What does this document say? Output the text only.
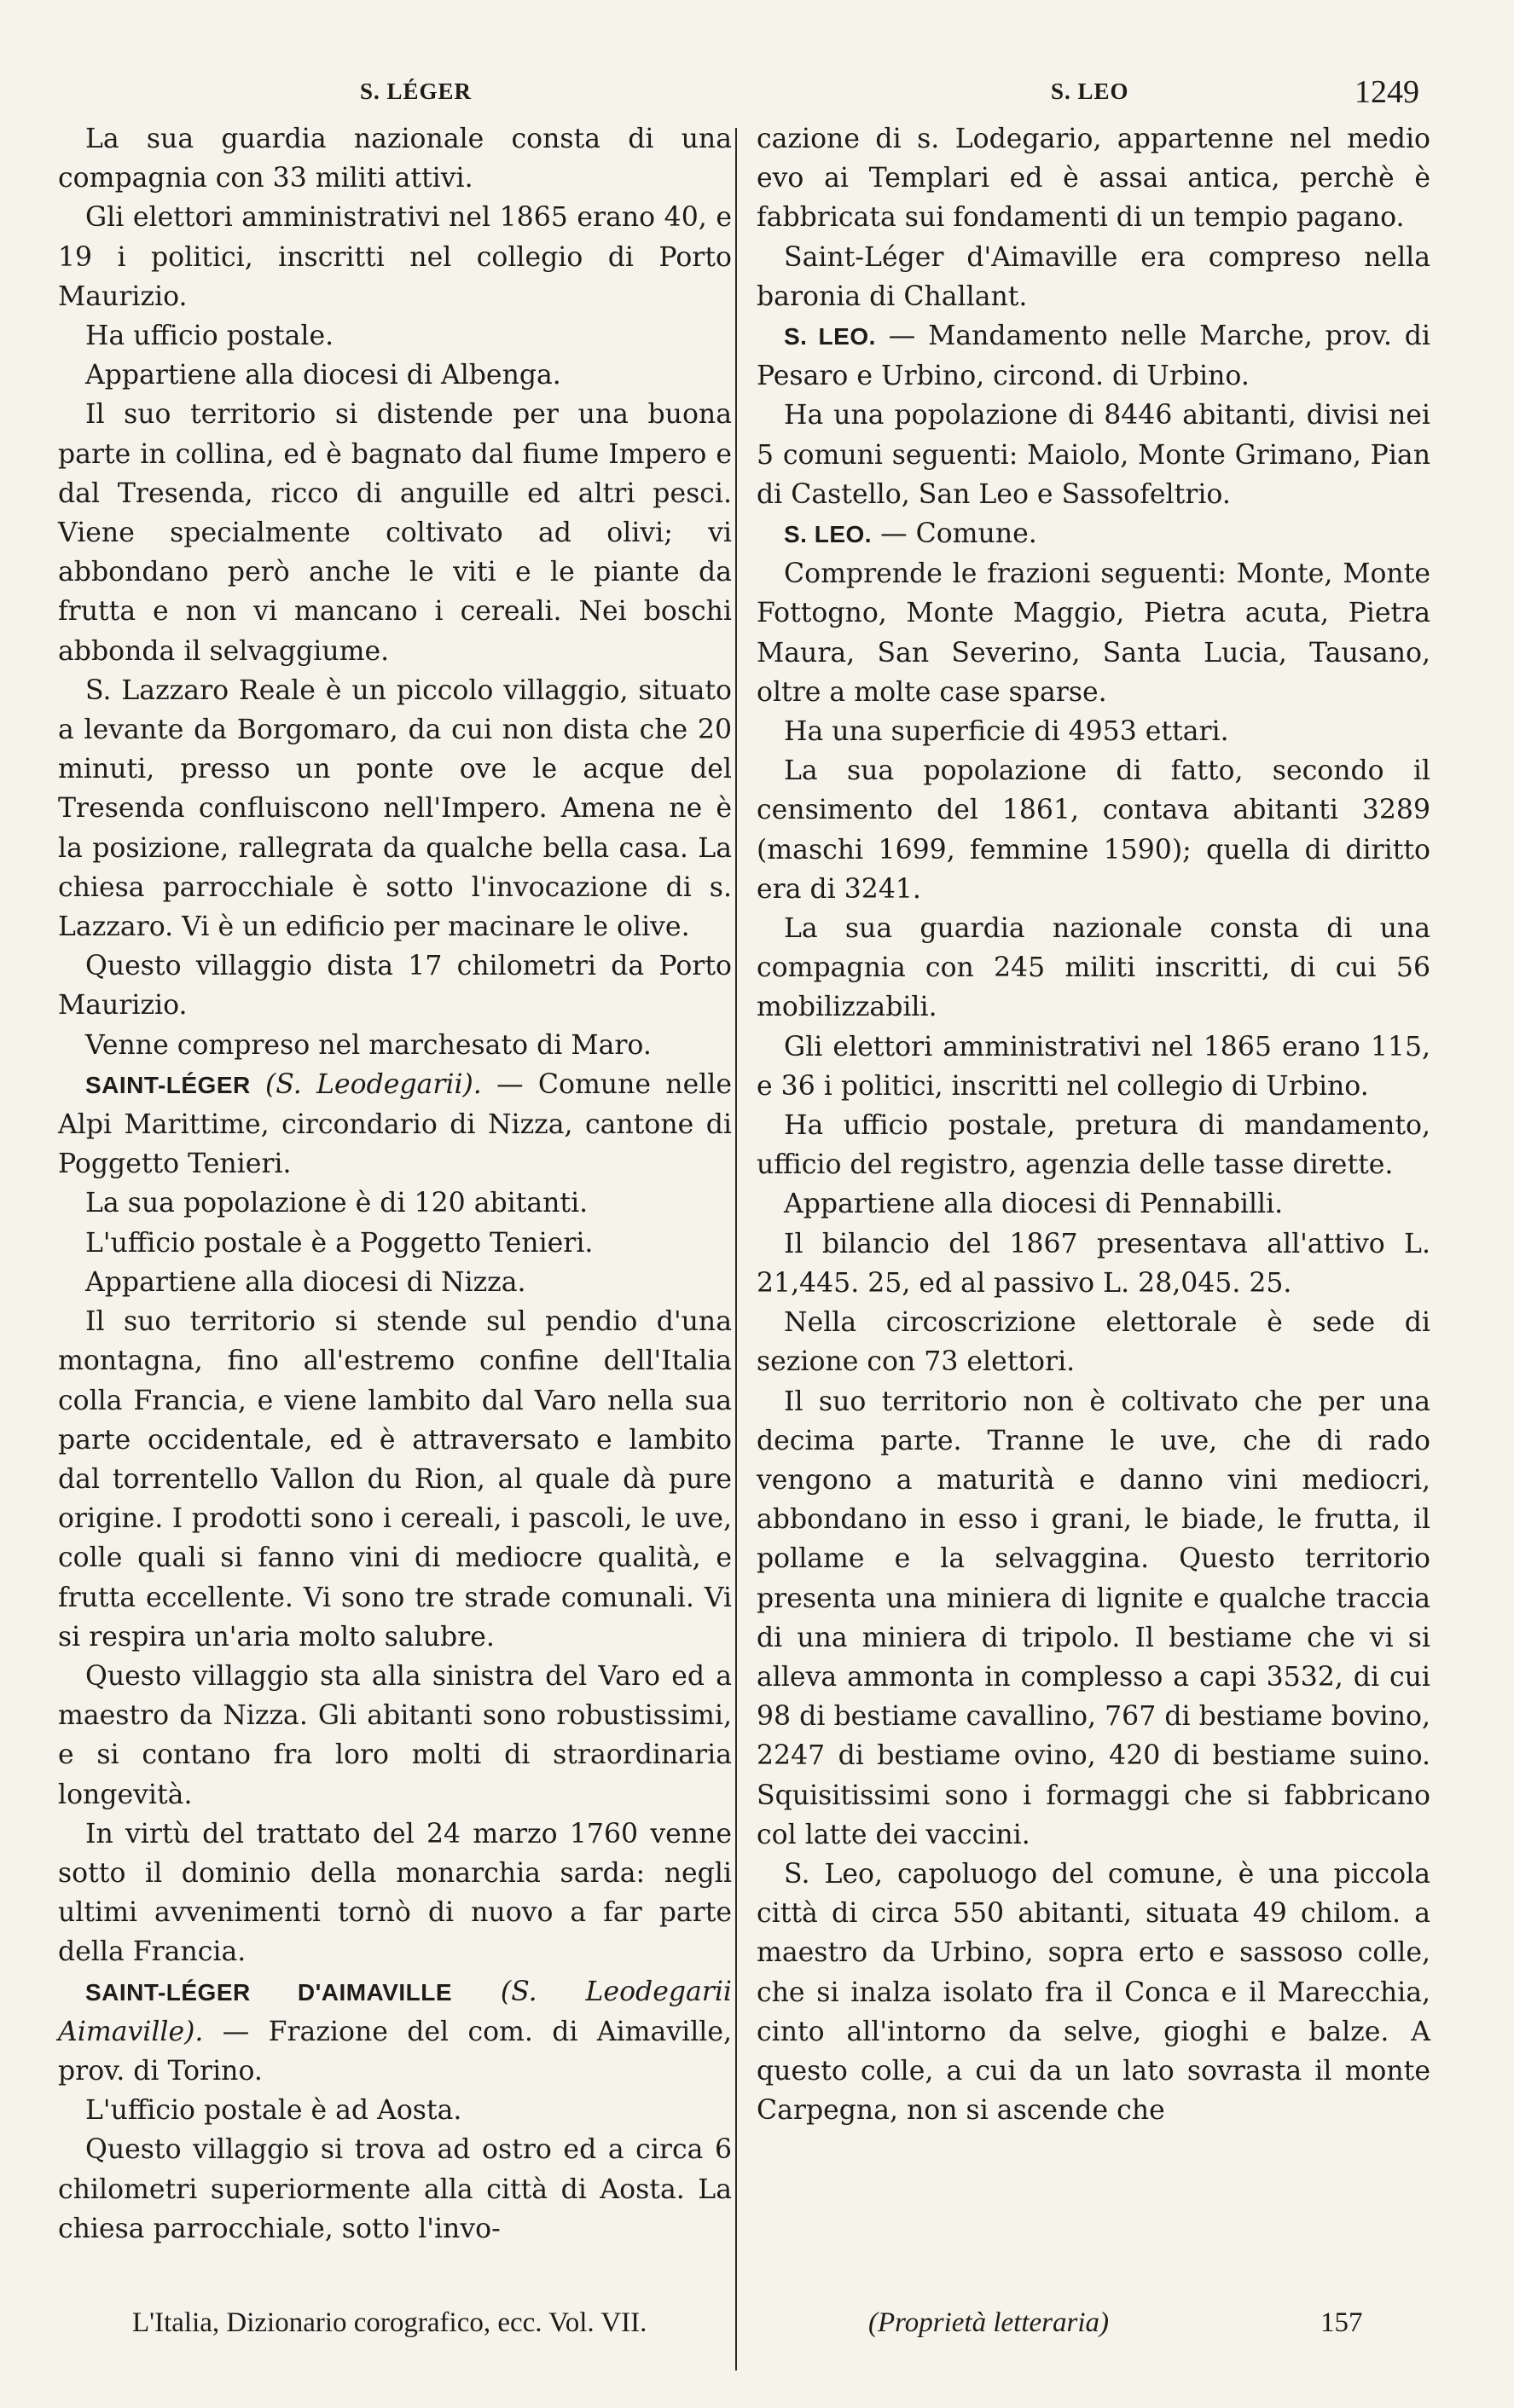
S. LÉGER	S. LEO	1249

La sua guardia nazionale consta di una compagnia con 33 militi attivi.

Gli elettori amministrativi nel 1865 erano 40, e 19 i politici, inscritti nel collegio di Porto Maurizio.

Ha ufficio postale.

Appartiene alla diocesi di Albenga.

Il suo territorio si distende per una buona parte in collina, ed è bagnato dal fiume Impero e dal Tresenda, ricco di anguille ed altri pesci. Viene specialmente coltivato ad olivi; vi abbondano però anche le viti e le piante da frutta e non vi mancano i cereali. Nei boschi abbonda il selvaggiume.

S. Lazzaro Reale è un piccolo villaggio, situato a levante da Borgomaro, da cui non dista che 20 minuti, presso un ponte ove le acque del Tresenda confluiscono nell'Impero. Amena ne è la posizione, rallegrata da qualche bella casa. La chiesa parrocchiale è sotto l'invocazione di s. Lazzaro. Vi è un edificio per macinare le olive.

Questo villaggio dista 17 chilometri da Porto Maurizio.

Venne compreso nel marchesato di Maro.

SAINT-LÉGER (S. Leodegarii). — Comune nelle Alpi Marittime, circondario di Nizza, cantone di Poggetto Tenieri.

La sua popolazione è di 120 abitanti.

L'ufficio postale è a Poggetto Tenieri.

Appartiene alla diocesi di Nizza.

Il suo territorio si stende sul pendio d'una montagna, fino all'estremo confine dell'Italia colla Francia, e viene lambito dal Varo nella sua parte occidentale, ed è attraversato e lambito dal torrentello Vallon du Rion, al quale dà pure origine. I prodotti sono i cereali, i pascoli, le uve, colle quali si fanno vini di mediocre qualità, e frutta eccellente. Vi sono tre strade comunali. Vi si respira un'aria molto salubre.

Questo villaggio sta alla sinistra del Varo ed a maestro da Nizza. Gli abitanti sono robustissimi, e si contano fra loro molti di straordinaria longevità.

In virtù del trattato del 24 marzo 1760 venne sotto il dominio della monarchia sarda: negli ultimi avvenimenti tornò di nuovo a far parte della Francia.

SAINT-LÉGER D'AIMAVILLE (S. Leodegarii Aimaville). — Frazione del com. di Aimaville, prov. di Torino.

L'ufficio postale è ad Aosta.

Questo villaggio si trova ad ostro ed a circa 6 chilometri superiormente alla città di Aosta. La chiesa parrocchiale, sotto l'invo-

cazione di s. Lodegario, appartenne nel medio evo ai Templari ed è assai antica, perchè è fabbricata sui fondamenti di un tempio pagano.

Saint-Léger d'Aimaville era compreso nella baronia di Challant.

S. LEO. — Mandamento nelle Marche, prov. di Pesaro e Urbino, circond. di Urbino.

Ha una popolazione di 8446 abitanti, divisi nei 5 comuni seguenti: Maiolo, Monte Grimano, Pian di Castello, San Leo e Sassofeltrio.

S. LEO. — Comune.

Comprende le frazioni seguenti: Monte, Monte Fottogno, Monte Maggio, Pietra acuta, Pietra Maura, San Severino, Santa Lucia, Tausano, oltre a molte case sparse.

Ha una superficie di 4953 ettari.

La sua popolazione di fatto, secondo il censimento del 1861, contava abitanti 3289 (maschi 1699, femmine 1590); quella di diritto era di 3241.

La sua guardia nazionale consta di una compagnia con 245 militi inscritti, di cui 56 mobilizzabili.

Gli elettori amministrativi nel 1865 erano 115, e 36 i politici, inscritti nel collegio di Urbino.

Ha ufficio postale, pretura di mandamento, ufficio del registro, agenzia delle tasse dirette.

Appartiene alla diocesi di Pennabilli.

Il bilancio del 1867 presentava all'attivo L. 21,445. 25, ed al passivo L. 28,045. 25.

Nella circoscrizione elettorale è sede di sezione con 73 elettori.

Il suo territorio non è coltivato che per una decima parte. Tranne le uve, che di rado vengono a maturità e danno vini mediocri, abbondano in esso i grani, le biade, le frutta, il pollame e la selvaggina. Questo territorio presenta una miniera di lignite e qualche traccia di una miniera di tripolo. Il bestiame che vi si alleva ammonta in complesso a capi 3532, di cui 98 di bestiame cavallino, 767 di bestiame bovino, 2247 di bestiame ovino, 420 di bestiame suino. Squisitissimi sono i formaggi che si fabbricano col latte dei vaccini.

S. Leo, capoluogo del comune, è una piccola città di circa 550 abitanti, situata 49 chilom. a maestro da Urbino, sopra erto e sassoso colle, che si inalza isolato fra il Conca e il Marecchia, cinto all'intorno da selve, gioghi e balze. A questo colle, a cui da un lato sovrasta il monte Carpegna, non si ascende che

L'Italia, Dizionario corografico, ecc. Vol. VII.	(Proprietà letteraria)	157
